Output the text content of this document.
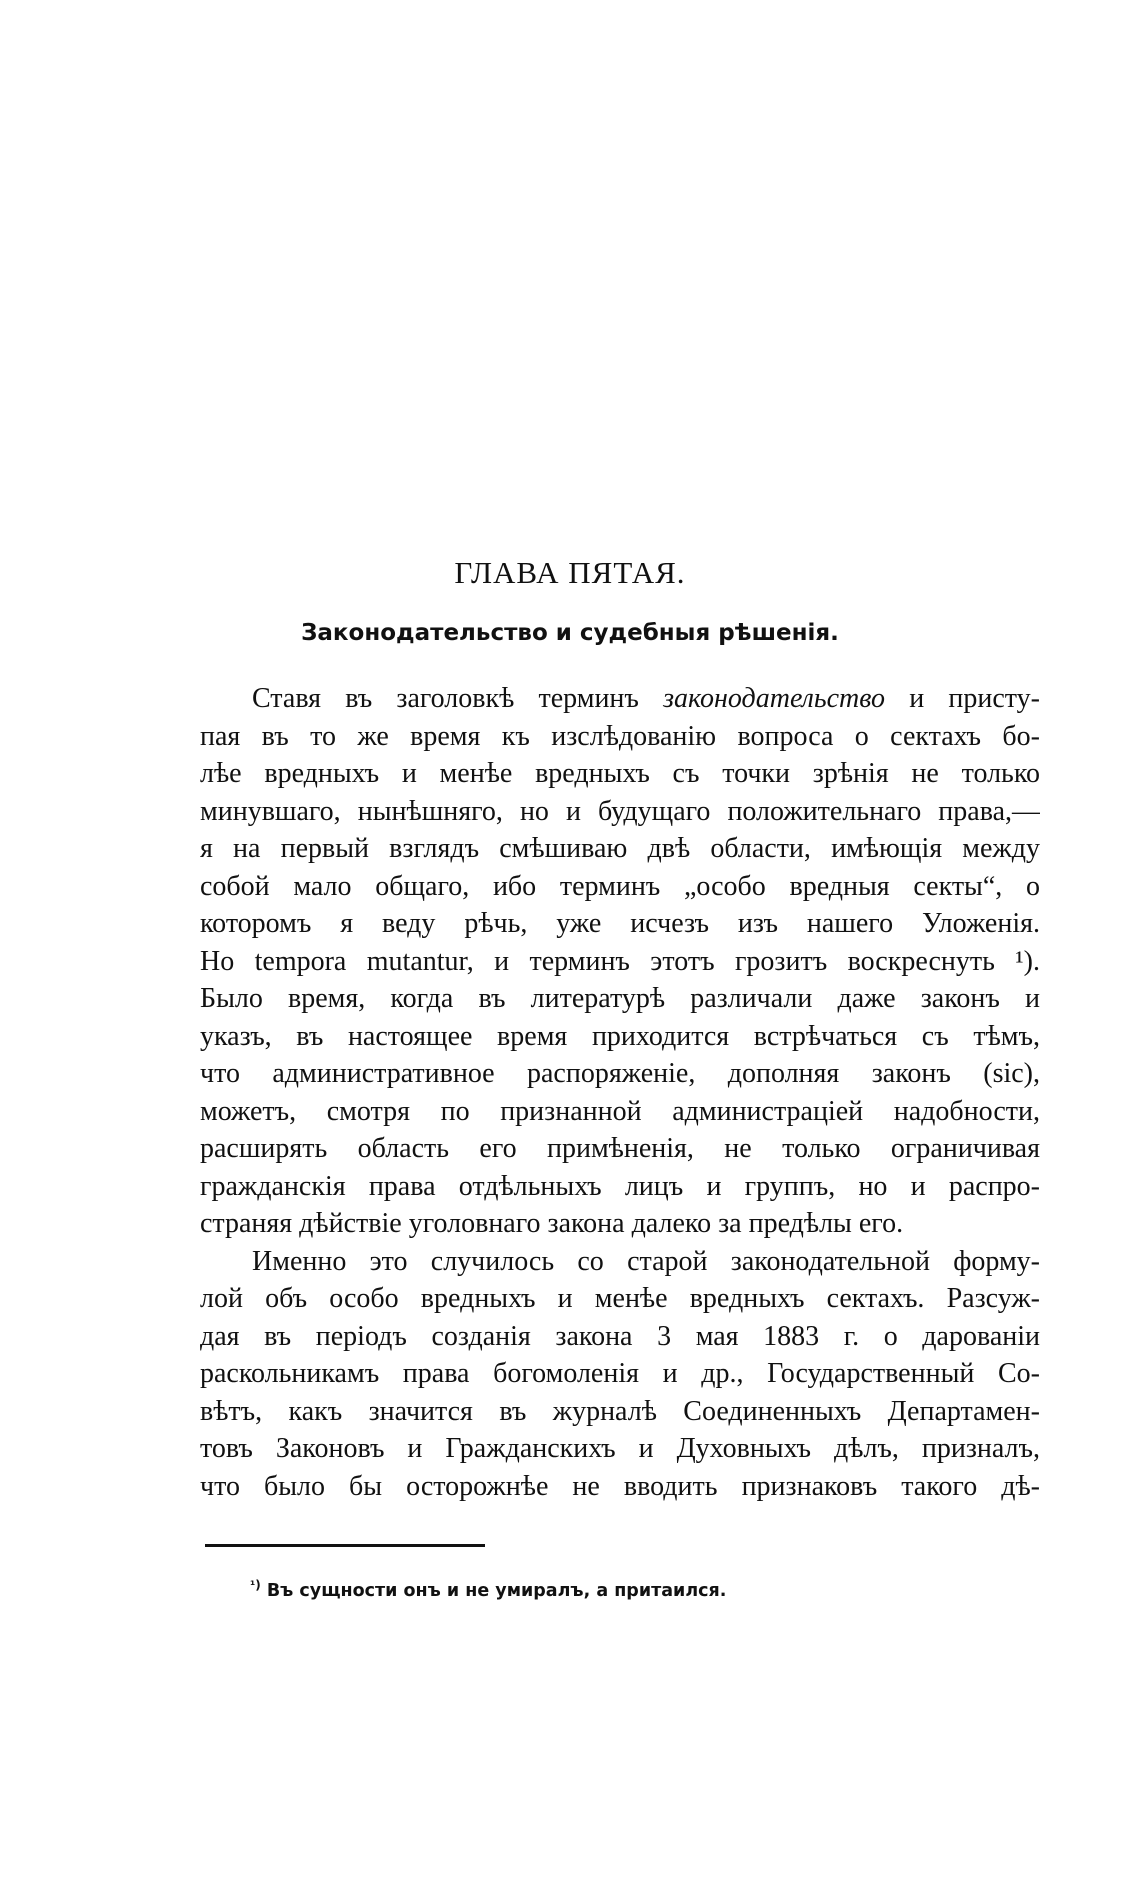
ГЛАВА ПЯТАЯ.
Законодательство и судебныя рѣшенія.
Ставя въ заголовкѣ терминъ законодательство и присту-
пая въ то же время къ изслѣдованію вопроса о сектахъ бо-
лѣе вредныхъ и менѣе вредныхъ съ точки зрѣнія не только
минувшаго, нынѣшняго, но и будущаго положительнаго права,—
я на первый взглядъ смѣшиваю двѣ области, имѣющія между
собой мало общаго, ибо терминъ „особо вредныя секты“, о
которомъ я веду рѣчь, уже исчезъ изъ нашего Уложенія.
Но tempora mutantur, и терминъ этотъ грозитъ воскреснуть ¹).
Было время, когда въ литературѣ различали даже законъ и
указъ, въ настоящее время приходится встрѣчаться съ тѣмъ,
что административное распоряженіе, дополняя законъ (sic),
можетъ, смотря по признанной администраціей надобности,
расширять область его примѣненія, не только ограничивая
гражданскія права отдѣльныхъ лицъ и группъ, но и распро-
страняя дѣйствіе уголовнаго закона далеко за предѣлы его.
Именно это случилось со старой законодательной форму-
лой объ особо вредныхъ и менѣе вредныхъ сектахъ. Разсуж-
дая въ періодъ созданія закона 3 мая 1883 г. о дарованіи
раскольникамъ права богомоленія и др., Государственный Со-
вѣтъ, какъ значится въ журналѣ Соединенныхъ Департамен-
товъ Законовъ и Гражданскихъ и Духовныхъ дѣлъ, призналъ,
что было бы осторожнѣе не вводить признаковъ такого дѣ-

$^{^1)}$ Въ сущности онъ и не умиралъ, а притаился.
